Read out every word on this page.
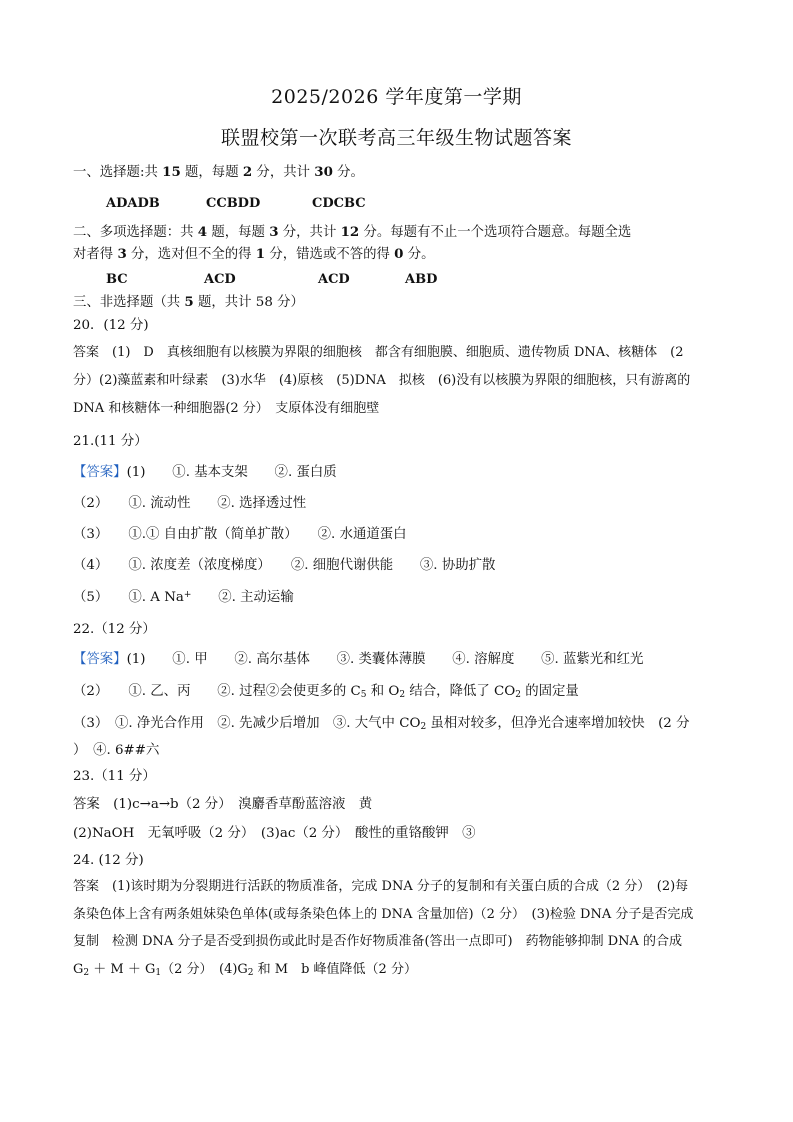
2025/2026 学年度第一学期
联盟校第一次联考高三年级生物试题答案
一、选择题:共 15 题，每题 2 分，共计 30 分。
ADADB	CCBDD	CDCBC
二、多项选择题：共 4 题，每题 3 分，共计 12 分。每题有不止一个选项符合题意。每题全选
对者得 3 分，选对但不全的得 1 分，错选或不答的得 0 分。
BC	ACD	ACD	ABD
三、非选择题（共 5 题，共计 58 分）
20．(12 分)
答案　(1)　D　真核细胞有以核膜为界限的细胞核　都含有细胞膜、细胞质、遗传物质 DNA、核糖体　(2
分）(2)藻蓝素和叶绿素　(3)水华　(4)原核　(5)DNA　拟核　(6)没有以核膜为界限的细胞核，只有游离的
DNA 和核糖体一种细胞器(2 分）　支原体没有细胞壁
21.(11 分）
【答案】(1)　　①. 基本支架　　②. 蛋白质
（2）　　①. 流动性　　②. 选择透过性
（3）　　①.① 自由扩散（简单扩散）　　②. 水通道蛋白
（4）　　①. 浓度差（浓度梯度）　　②. 细胞代谢供能　　③. 协助扩散
（5）　　①. A Na+　　②. 主动运输
22.（12 分）
【答案】(1)　　①. 甲　　②. 高尔基体　　③. 类囊体薄膜　　④. 溶解度　　⑤. 蓝紫光和红光
（2）　　①. 乙、丙　　②. 过程②会使更多的 $C_5$ 和 $O_2$ 结合，降低了 $CO_2$ 的固定量
（3）　①. 净光合作用　②. 先减少后增加　③. 大气中 $CO_2$ 虽相对较多，但净光合速率增加较快　(2 分
）　④. 6##六
23.（11 分）
答案　(1)c→a→b（2 分）　溴麝香草酚蓝溶液　黄
(2)NaOH　无氧呼吸（2 分）　(3)ac（2 分）　酸性的重铬酸钾　③
24. (12 分)
答案　(1)该时期为分裂期进行活跃的物质准备，完成 DNA 分子的复制和有关蛋白质的合成（2 分）　(2)每
条染色体上含有两条姐妹染色单体(或每条染色体上的 DNA 含量加倍)（2 分）　(3)检验 DNA 分子是否完成
复制　检测 DNA 分子是否受到损伤或此时是否作好物质准备(答出一点即可)　药物能够抑制 DNA 的合成
$G_2 + M + G_1(2$ 分）　$(4)G_2$ 和 M　b 峰值降低（2 分）
